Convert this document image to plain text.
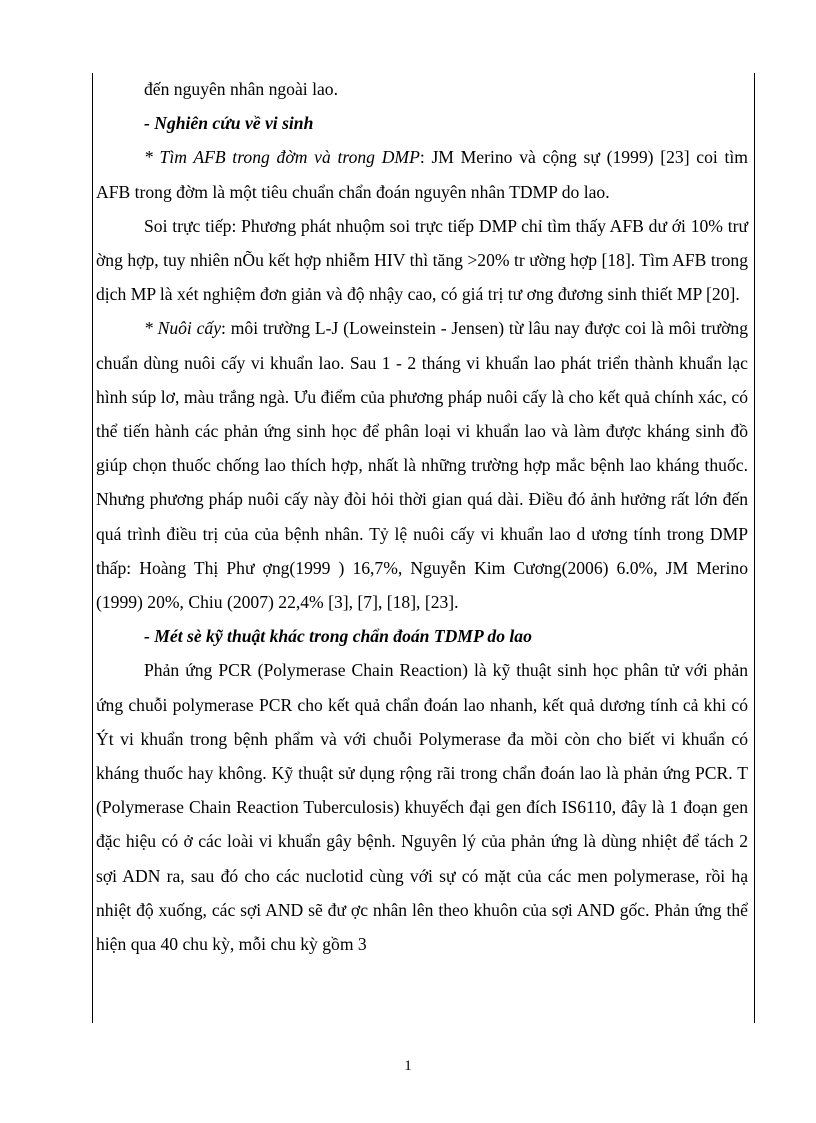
đến nguyên nhân ngoài lao.

- Nghiên cứu về vi sinh

* Tìm AFB trong đờm và trong DMP: JM Merino và cộng sự (1999) [23] coi tìm AFB trong đờm là một tiêu chuẩn chẩn đoán nguyên nhân TDMP do lao.

Soi trực tiếp: Phương phát nhuộm soi trực tiếp DMP chỉ tìm thấy AFB dư ới 10% trư ờng hợp, tuy nhiên nÕu kết hợp nhiễm HIV thì tăng >20% tr ường hợp [18]. Tìm AFB trong dịch MP là xét nghiệm đơn giản và độ nhậy cao, có giá trị tư ơng đương sinh thiết MP [20].

* Nuôi cấy: môi trường L-J (Loweinstein - Jensen) từ lâu nay được coi là môi trường chuẩn dùng nuôi cấy vi khuẩn lao. Sau 1 - 2 tháng vi khuẩn lao phát triển thành khuẩn lạc hình súp lơ, màu trắng ngà. Ưu điểm của phương pháp nuôi cấy là cho kết quả chính xác, có thể tiến hành các phản ứng sinh học để phân loại vi khuẩn lao và làm được kháng sinh đồ giúp chọn thuốc chống lao thích hợp, nhất là những trường hợp mắc bệnh lao kháng thuốc. Nhưng phương pháp nuôi cấy này đòi hỏi thời gian quá dài. Điều đó ảnh hưởng rất lớn đến quá trình điều trị của của bệnh nhân. Tỷ lệ nuôi cấy vi khuẩn lao d ương tính trong DMP thấp: Hoàng Thị Phư ợng(1999 ) 16,7%, Nguyễn Kim Cương(2006) 6.0%, JM Merino (1999) 20%, Chiu (2007) 22,4% [3], [7], [18], [23].

- Mét sè kỹ thuật khác trong chẩn đoán TDMP do lao

Phản ứng PCR (Polymerase Chain Reaction) là kỹ thuật sinh học phân tử với phản ứng chuỗi polymerase PCR cho kết quả chẩn đoán lao nhanh, kết quả dương tính cả khi có Ýt vi khuẩn trong bệnh phẩm và với chuỗi Polymerase đa mồi còn cho biết vi khuẩn có kháng thuốc hay không. Kỹ thuật sử dụng rộng rãi trong chẩn đoán lao là phản ứng PCR. T (Polymerase Chain Reaction Tuberculosis) khuyếch đại gen đích IS6110, đây là 1 đoạn gen đặc hiệu có ở các loài vi khuẩn gây bệnh. Nguyên lý của phản ứng là dùng nhiệt để tách 2 sợi ADN ra, sau đó cho các nuclotid cùng với sự có mặt của các men polymerase, rồi hạ nhiệt độ xuống, các sợi AND sẽ đư ợc nhân lên theo khuôn của sợi AND gốc. Phản ứng thể hiện qua 40 chu kỳ, mỗi chu kỳ gồm 3

1
